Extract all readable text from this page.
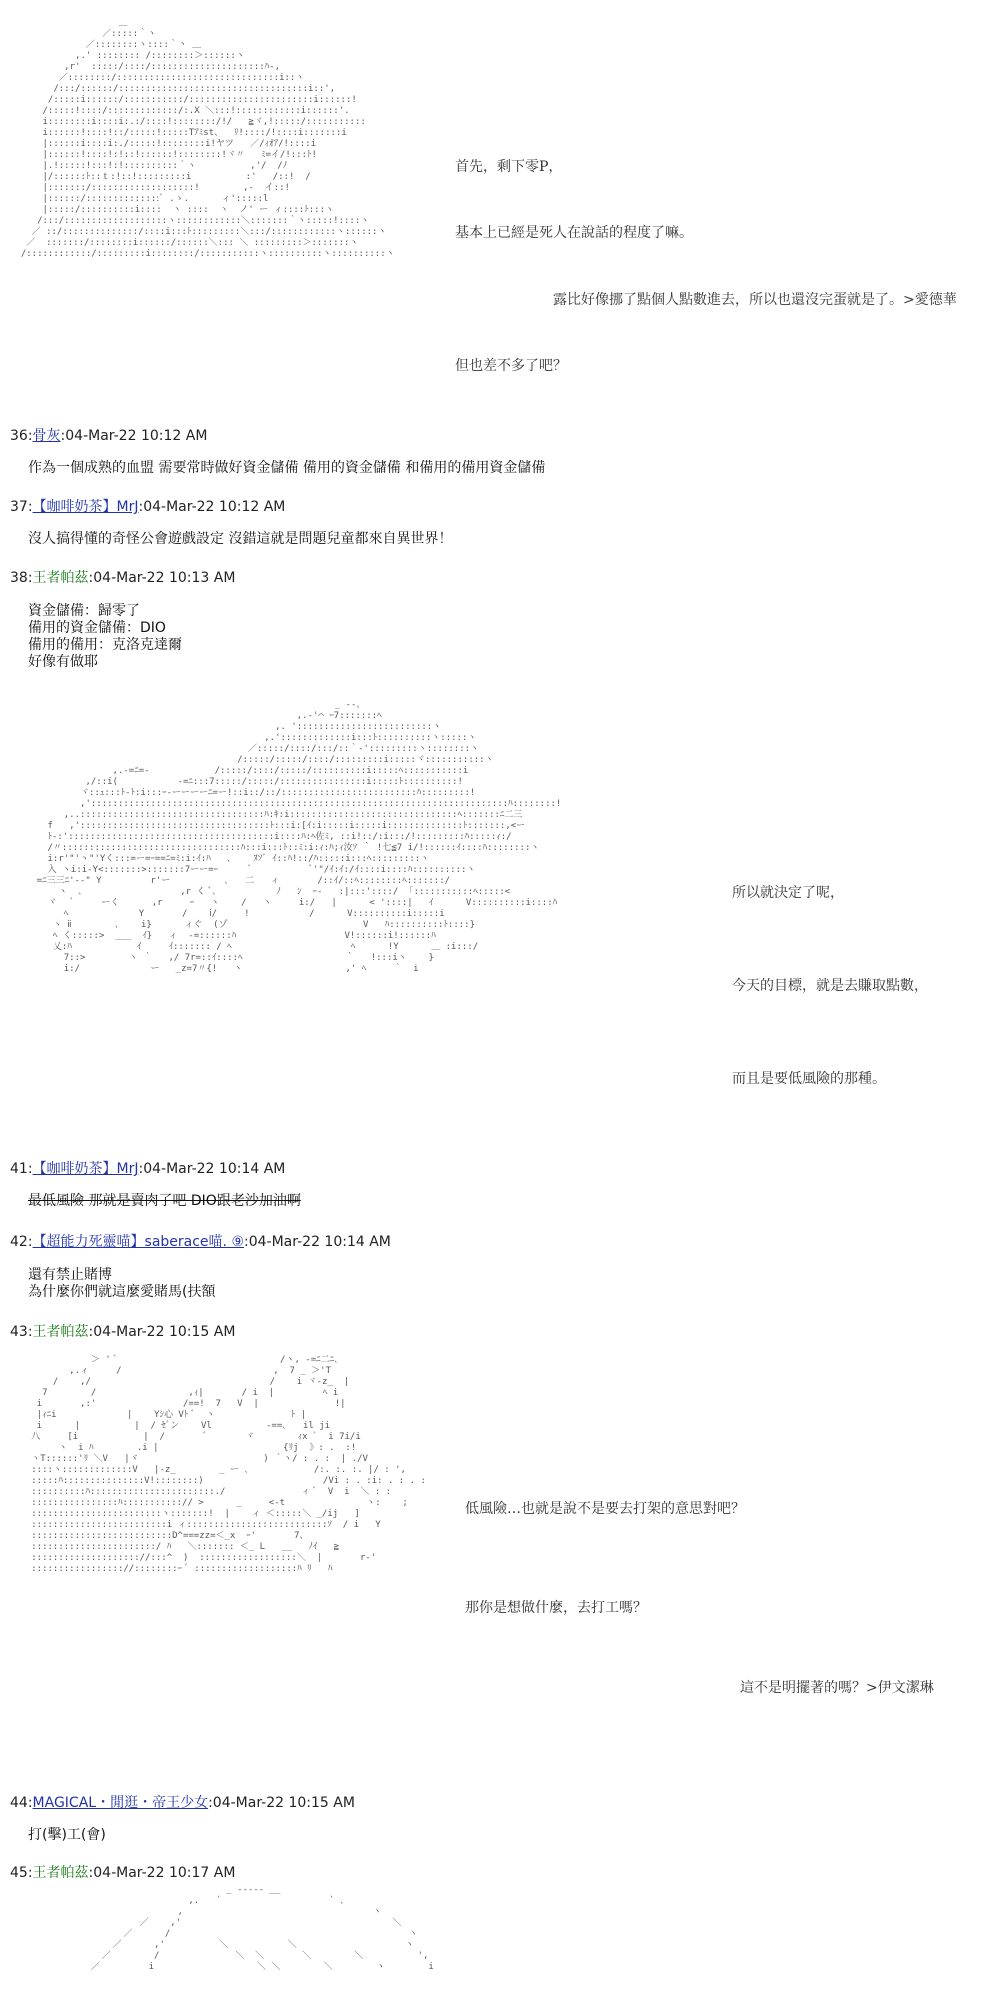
＿
／:::::｀ヽ
／::::::::ヽ::::｀丶 ＿
,.' :::::::: /::::::::＞::::::ヽ
,r'  :::::/::::/:::::::::::::::::::::ﾊ-,
／::::::::/::::::::::::::::::::::::::::::i::ヽ
/:::/::::::/:::::::::::::::::::::::::::::::::::i::',
/:::::i::::::/:::::::::::/:::::::::::::::::::::::i::::::!
/:::::!::::/:::::::::::::/:.X ＼:::!::::::::::::i::::::'.
i::::::::i::::i:.:/::::!::::::::/!/   ≧ヾ,!:::::/:::::::::::
i::::::!::::!::/:::::!:::::Tｱﾐst、  ﾘ!::::/!::::i:::::::i
|::::::i::::i:./:::::!::::::::i!ヤツ   ／/ｨｵｱ/!::::i
|::::::!::::!:!::!::::::!::::::::!ヾ〃   ﾐ=イ/!:::ﾄ!
|.!:::::!:::!:!::::::::::｀ヽ          ,'/  /ﾉ
|/::::::ﾄ::ｔ:!::!:::::::::i          :'   /::!  /
|:::::::/:::::::::::::::::::!        ,-  イ::!
|::::::/::::::::::::::ﾞ .ゝ.      ィ':::::l
|:::::/::::::::::i::::  ヽ ::::  ヽ  ノ' ー ィ::::ﾄ:::ヽ
/:::/:::::::::::::::::::ヽ::::::::::::＼:::::::｀ヽ:::::!::::ヽ
／ ::/::::::::::::::/::::i:::ﾄ:::::::::＼:::/::::::::::::ヽ::::::ヽ
／  :::::::/::::::::i::::::/::::::＼::: ＼ :::::::::＞:::::::ヽ
/::::::::::::/:::::::::i::::::::/:::::::::::ヽ::::::::::ヽ::::::::::ヽ
首先，剩下零P，
基本上已經是死人在說話的程度了嘛。
露比好像挪了點個人點數進去，所以也還沒完蛋就是了。>愛德華
但也差不多了吧？
36:骨灰:04-Mar-22 10:12 AM
作為一個成熟的血盟 需要常時做好資金儲備 備用的資金儲備 和備用的備用資金儲備
37:【咖啡奶茶】MrJ:04-Mar-22 10:12 AM
沒人搞得懂的奇怪公會遊戲設定 沒錯這就是問題兒童都來自異世界！
38:王者帕茲:04-Mar-22 10:13 AM
資金儲備：歸零了
備用的資金儲備：DIO
備用的備用：克洛克達爾
好像有做耶
_ ‐-､
,.‐'⌒ ｰ7:::::::ﾍ
,. ':::::::::::::::::::::::::ヽ
,.':::::::::::::i:::ﾄ::::::::::ヽ:::::ヽ
／:::::/::::/:::/::｀‐':::::::::ヽ::::::::ヽ
/:::::/:::::/::::/:::::::::i:::::ヾ:::::::::::ヽ
,.-=ﾆ=-            /:::::/::::/:::::/::::::::::i:::::ﾍ:::::::::::i
,/::i(           -=ﾆ:::7:::::/:::::/::::::::::::::::i:::::ﾄ::::::::::!
ヾ::ｭ:::ﾄ-ﾄ:i:::ｰ‐ーーーーﾆ=ー!::i::/::/:::::::::::::::::::::::::ﾊ:::::::::!
,':::::::::::::::::::::::::::::::::::::::::::::::::::::::::::::::::::::::::::::ﾊ::::::::!
,..::::::::::::::::::::::::::::::::::ﾊ:ｷ:i:::::::::::::::::::::::::::::::ﾍ:::::::ﾆ二三
f   ,':::::::::::::::::::::::::::::::::::ﾄ:::i:[ｲ:i:::::i:::::i::::::::::::::ﾄ:::::::,<ー
ﾄ-:'::::::::::::::::::::::::::::::::::::::i::::ﾊ:ﾍ佐ﾐ, ::i!::/:i:::/!:::::::::ﾊ:::::ｨ:/
/〃:::::::::::::::::::::::::::::::::ﾊ:::i:::ﾄ::ﾐ:i:ｨ:ﾊ;ｨ汝ｿ ｀ !七≦7 i/!::::::ｲ::::ﾊ::::::::ヽ
i:r'"'ヽ"'Yく:::=ー=ｰ==ﾆ=ﾐ:i:ｲ:ﾊ   ､    ﾇｿﾞ ｲ::ﾊ!::/ﾊ:::::i:::ﾍ:::::::::ヽ
入 ヽi:i-Y<:::::::>:::::::7ーー=ｰ      ﾞ           ﾞ'"/ｲ:ｲ:/ｲ::::i::::ﾊ::::::::::ヽ
=ﾆ三三ﾆ'-‐" Y         r'ー          ､   二   ィ       /::ｲ/::ﾍ::::::::ﾍ:::::::/
ヽ  ､                  ,r く ﾞ､           ﾉ   ﾝ  ｰ-   :|:::'::::/  ｢:::::::::::ﾍ:::::<
ヾ   ﾞ     ーく      ,r     ｰ   ヽ    /   ヽ     i:/   |      < '::::|   ｲ      V::::::::::i::::ﾊ
ﾍ             Y       /    ⅰ/     !           /      V::::::::::i:::::i
ヽ ⅱ        ､    i}      ィぐ  (ゾ                         V   ﾊ::::::::::ﾄ::::}
ﾍ く:::::>  ___  ｲ}   ィ  ‐=::::::ﾊ                    V!::::::i!::::::ﾊ
乂:ﾊ            ｲ     ｲ::::::: / ﾍ                      ﾍ      !Y      ＿ :i:::/
7::>        ヽ ｀   ,/ 7r=::ｲ::::ﾍ                   ｀   !:::iヽ    }
i:/             ー   _z=7〃{!   ヽ                   ,' ﾍ     ｀  i
所以就決定了呢，
今天的目標，就是去賺取點數，
而且是要低風險的那種。
41:【咖啡奶茶】MrJ:04-Mar-22 10:14 AM
最低風險 那就是賣肉了吧 DIO跟老沙加油啊
42:【超能力死靈喵】saberace喵. ⑨:04-Mar-22 10:14 AM
還有禁止賭博
為什麼你們就這麼愛賭馬(扶額
43:王者帕茲:04-Mar-22 10:15 AM
＞ ' ﾞ                              /ヽ, -=ﾆ二ﾆ､
,.ィ     /                            ,  7 _ ＞'T
/    ,/                                 /    i ヾ-z_  |
7        /                 ,ｨ|       / i  |         ﾍ i
i       ,:'                /==!  7   V  |              !|
|ｨﾆi             |    Yｼ心 Vﾄ ﾞ  ヽ              ﾄ |
i      |          |  / ｾﾞン    Vl          -==､   il ji
八     [i            |  /       ﾞ       ヾ        ｨx ﾞ  i 7i/i
ヽ  i ﾊ        .i |                       {ﾘj  》: .  :!
ヽT::::::'ﾘ ＼V   |ヾ                       ) ｀ヽ/ : . :  | ./V
::::ヽ:::::::::::::V   |-z_        _ ー ､            /:. :. :. |/ : ',
:::::ﾊ:::::::::::::::V!::::::::)                      /Vi : . :i: . : . :
::::::::::ﾊ:::::::::::::::::::::::./              ィ ﾞ  V  i  ＼ : :
::::::::::::::::ﾊ:::::::::::// >      _     <-t               ヽ:    ;
::::::::::::::::::::::::ヽ:::::::!  |    ィ ＜:::::＼ _/ij   ]
:::::::::::::::::::::::::i ィ::::::::::::::::::::::::::ｿ  / i   Y
::::::::::::::::::::::::::D^===zz=＜_x  ｰ'       7、
:::::::::::::::::::::::/ ﾊ   ＼::::::: ＜_ L   __   ﾉｲ   ≧
:::::::::::::::::::://:::^  )  ::::::::::::::::::＼  |       r-'
::::::::::::::::://::::::::ｰ ﾞ :::::::::::::::::::ﾊ ﾘ   ﾊ
低風險…也就是說不是要去打架的意思對吧？
那你是想做什麼，去打工嗎？
這不是明擺著的嗎？>伊文潔琳
44:MAGICAL・閒逛・帝王少女:04-Mar-22 10:15 AM
打(擊)工(會)
45:王者帕茲:04-Mar-22 10:17 AM
_ ‐-‐-‐ __
,.   ´                    ` ､
,                                   ヽ
／    ,'                                       ＼
／      /                                            ヽ
／      ,'          ＼           ＼                    ヽ
／        /              ＼  ＼       ＼        ＼          ',
／         i                   ＼ ＼        ＼        ヽ        i
